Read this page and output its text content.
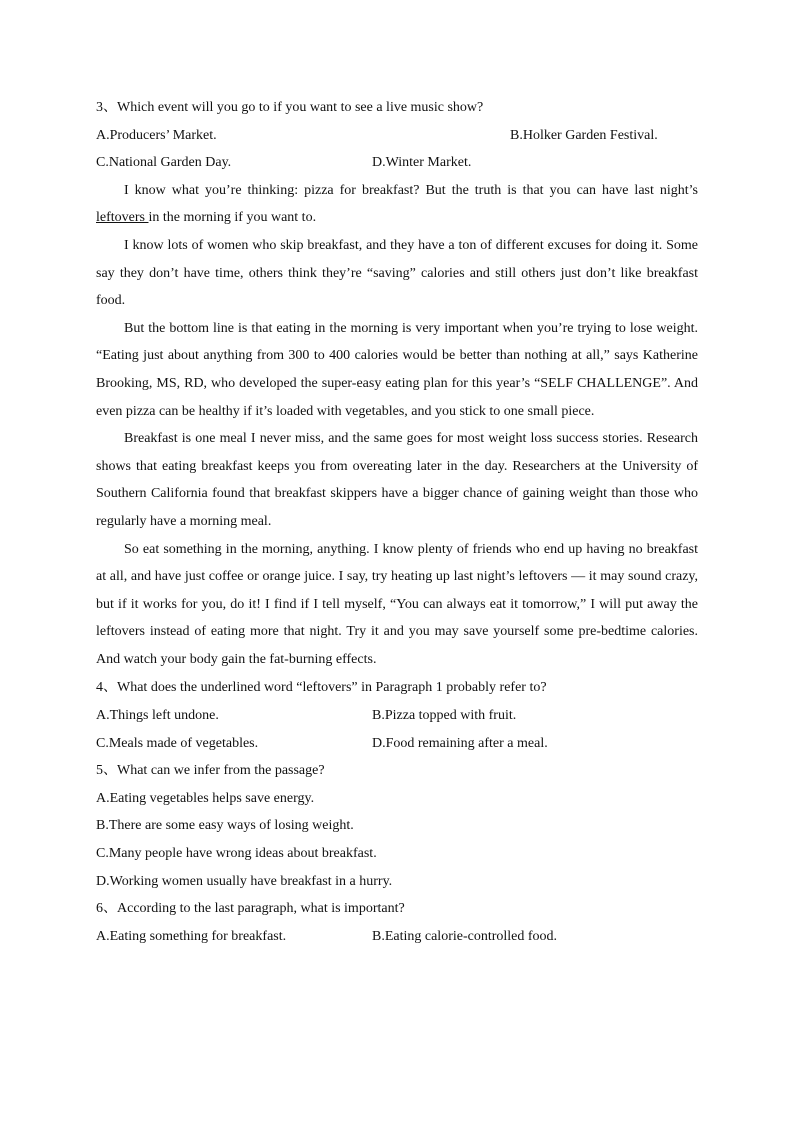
3、Which event will you go to if you want to see a live music show?
A.Producers’ Market.	B.Holker Garden Festival.
C.National Garden Day.	D.Winter Market.

I know what you’re thinking: pizza for breakfast? But the truth is that you can have last night’s leftovers in the morning if you want to.

I know lots of women who skip breakfast, and they have a ton of different excuses for doing it. Some say they don’t have time, others think they’re “saving” calories and still others just don’t like breakfast food.

But the bottom line is that eating in the morning is very important when you’re trying to lose weight. “Eating just about anything from 300 to 400 calories would be better than nothing at all,” says Katherine Brooking, MS, RD, who developed the super-easy eating plan for this year’s “SELF CHALLENGE”. And even pizza can be healthy if it’s loaded with vegetables, and you stick to one small piece.

Breakfast is one meal I never miss, and the same goes for most weight loss success stories. Research shows that eating breakfast keeps you from overeating later in the day. Researchers at the University of Southern California found that breakfast skippers have a bigger chance of gaining weight than those who regularly have a morning meal.

So eat something in the morning, anything. I know plenty of friends who end up having no breakfast at all, and have just coffee or orange juice. I say, try heating up last night’s leftovers — it may sound crazy, but if it works for you, do it! I find if I tell myself, “You can always eat it tomorrow,” I will put away the leftovers instead of eating more that night. Try it and you may save yourself some pre-bedtime calories. And watch your body gain the fat-burning effects.

4、What does the underlined word “leftovers” in Paragraph 1 probably refer to?
A.Things left undone.	B.Pizza topped with fruit.
C.Meals made of vegetables.	D.Food remaining after a meal.
5、What can we infer from the passage?
A.Eating vegetables helps save energy.
B.There are some easy ways of losing weight.
C.Many people have wrong ideas about breakfast.
D.Working women usually have breakfast in a hurry.
6、According to the last paragraph, what is important?
A.Eating something for breakfast.	B.Eating calorie-controlled food.
